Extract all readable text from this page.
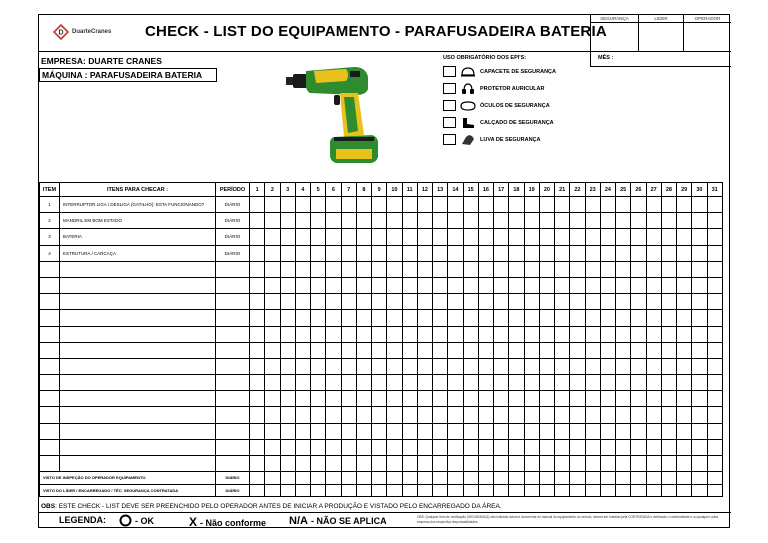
D DuarteCranes CHECK - LIST DO EQUIPAMENTO - PARAFUSADEIRA BATERIA
SEGURANÇA	LIDER	OPERADOR
EMPRESA: DUARTE CRANES
MÁQUINA : PARAFUSADEIRA BATERIA
USO OBRIGATÓRIO DOS EPI'S:
CAPACETE DE SEGURANÇA
PROTETOR AURICULAR
ÓCULOS DE SEGURANÇA
CALÇADO DE SEGURANÇA
LUVA DE SEGURANÇA
MÊS :
ITEM	ITENS PARA CHECAR :	PERÍODO	1	2	3	4	5	6	7	8	9	10	11	12	13	14	15	16	17	18	19	20	21	22	23	24	25	26	27	28	29	30	31
1	INTERRUPTOR LIGA / DESLIGA (GATILHO): ESTA FUNCIONANDO?	DIÁRIO																															
2	MANDRIL EM BOM ESTADO	DIÁRIO																															
3	BATERIA	DIÁRIO																															
4	ESTRUTURA / CARCAÇA	DIÁRIO																															

VISTO DE INSPEÇÃO DO OPERADOR EQUIPAMENTO		DIÁRIO																															
VISTO DO LÍDER / ENCARREGADO / TÉC. SEGURANÇA CONTRATADA		DIÁRIO																															
OBS: ESTE CHECK - LIST DEVE SER PREENCHIDO PELO OPERADOR ANTES DE INICIAR A PRODUÇÃO E VISTADO PELO ENCARREGADO DA ÁREA.
LEGENDA:	- OK	X - Não conforme N/A - NÃO SE APLICA	OBS: Qualquer item de verificação (SEGURANÇA) não indicado acima é decorrente do manual do equipamento ou veículo, deverá ser mantido pela CONTRATADA e verificado o conformidade e ou qualquer outra empresa dos respectiva responsabilidades.
